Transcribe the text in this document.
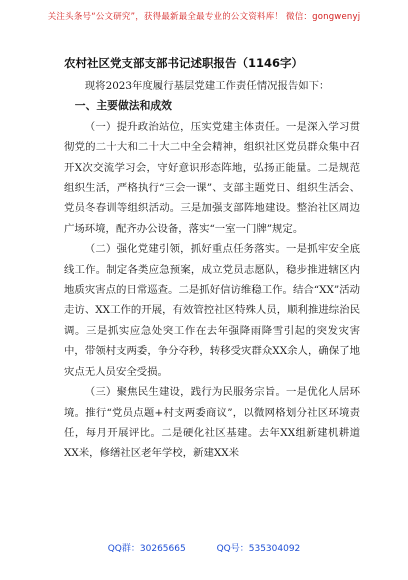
关注头条号“公文研究”，获得最新最全最专业的公文资料库！ 微信：gongwenyj
农村社区党支部支部书记述职报告（1146字）

现将2023年度履行基层党建工作责任情况报告如下：

一、主要做法和成效

（一）提升政治站位，压实党建主体责任。一是深入学习贯彻党的二十大和二十大二中全会精神，组织社区党员群众集中召开X次交流学习会，守好意识形态阵地，弘扬正能量。二是规范组织生活，严格执行“三会一课”、支部主题党日、组织生活会、党员冬春训等组织活动。三是加强支部阵地建设。整治社区周边广场环境，配齐办公设备，落实“一室一门牌”规定。

（二）强化党建引领，抓好重点任务落实。一是抓牢安全底线工作。制定各类应急预案，成立党员志愿队，稳步推进辖区内地质灾害点的日常巡查。二是抓好信访维稳工作。结合“XX”活动走访、XX工作的开展，有效管控社区特殊人员，顺利推进综治民调。三是抓实应急处突工作在去年强降雨降雪引起的突发灾害中，带领村支两委，争分夺秒，转移受灾群众XX余人，确保了地灾点无人员安全受损。

（三）聚焦民生建设，践行为民服务宗旨。一是优化人居环境。推行“党员点题+村支两委商议”，以微网格划分社区环境责任，每月开展评比。二是硬化社区基建。去年XX组新建机耕道XX米，修缮社区老年学校，新建XX米

QQ群：30265665	QQ号：535304092
